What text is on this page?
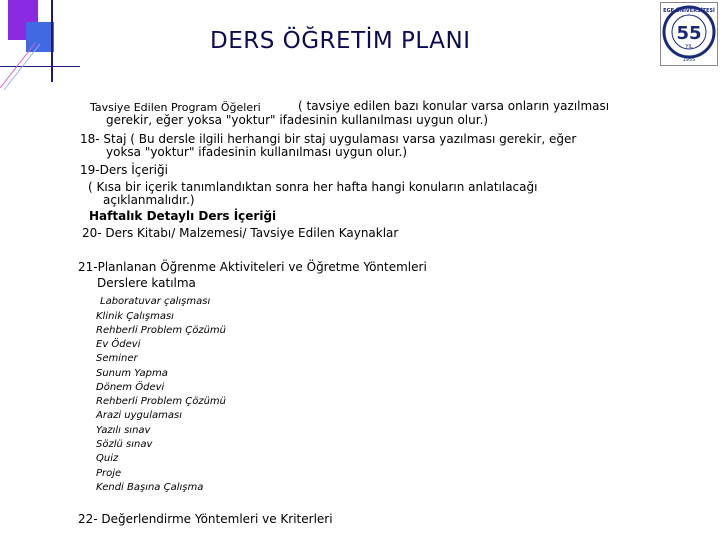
DERS ÖĞRETİM PLANI	55
YIL
1955
EGE ÜNİVERSİTESİ
Tavsiye Edilen Program Öğeleri	( tavsiye edilen bazı konular varsa onların yazılması
gerekir, eğer yoksa "yoktur" ifadesinin kullanılması uygun olur.)
18- Staj ( Bu dersle ilgili herhangi bir staj uygulaması varsa yazılması gerekir, eğer
yoksa "yoktur" ifadesinin kullanılması uygun olur.)
19-Ders İçeriği
( Kısa bir içerik tanımlandıktan sonra her hafta hangi konuların anlatılacağı
açıklanmalıdır.)
Haftalık Detaylı Ders İçeriği
20- Ders Kitabı/ Malzemesi/ Tavsiye Edilen Kaynaklar
21-Planlanan Öğrenme Aktiviteleri ve Öğretme Yöntemleri
Derslere katılma
Laboratuvar çalışması
Klinik Çalışması
Rehberli Problem Çözümü
Ev Ödevi
Seminer
Sunum Yapma
Dönem Ödevi
Rehberli Problem Çözümü
Arazi uygulaması
Yazılı sınav
Sözlü sınav
Quiz
Proje
Kendi Başına Çalışma
22- Değerlendirme Yöntemleri ve Kriterleri
